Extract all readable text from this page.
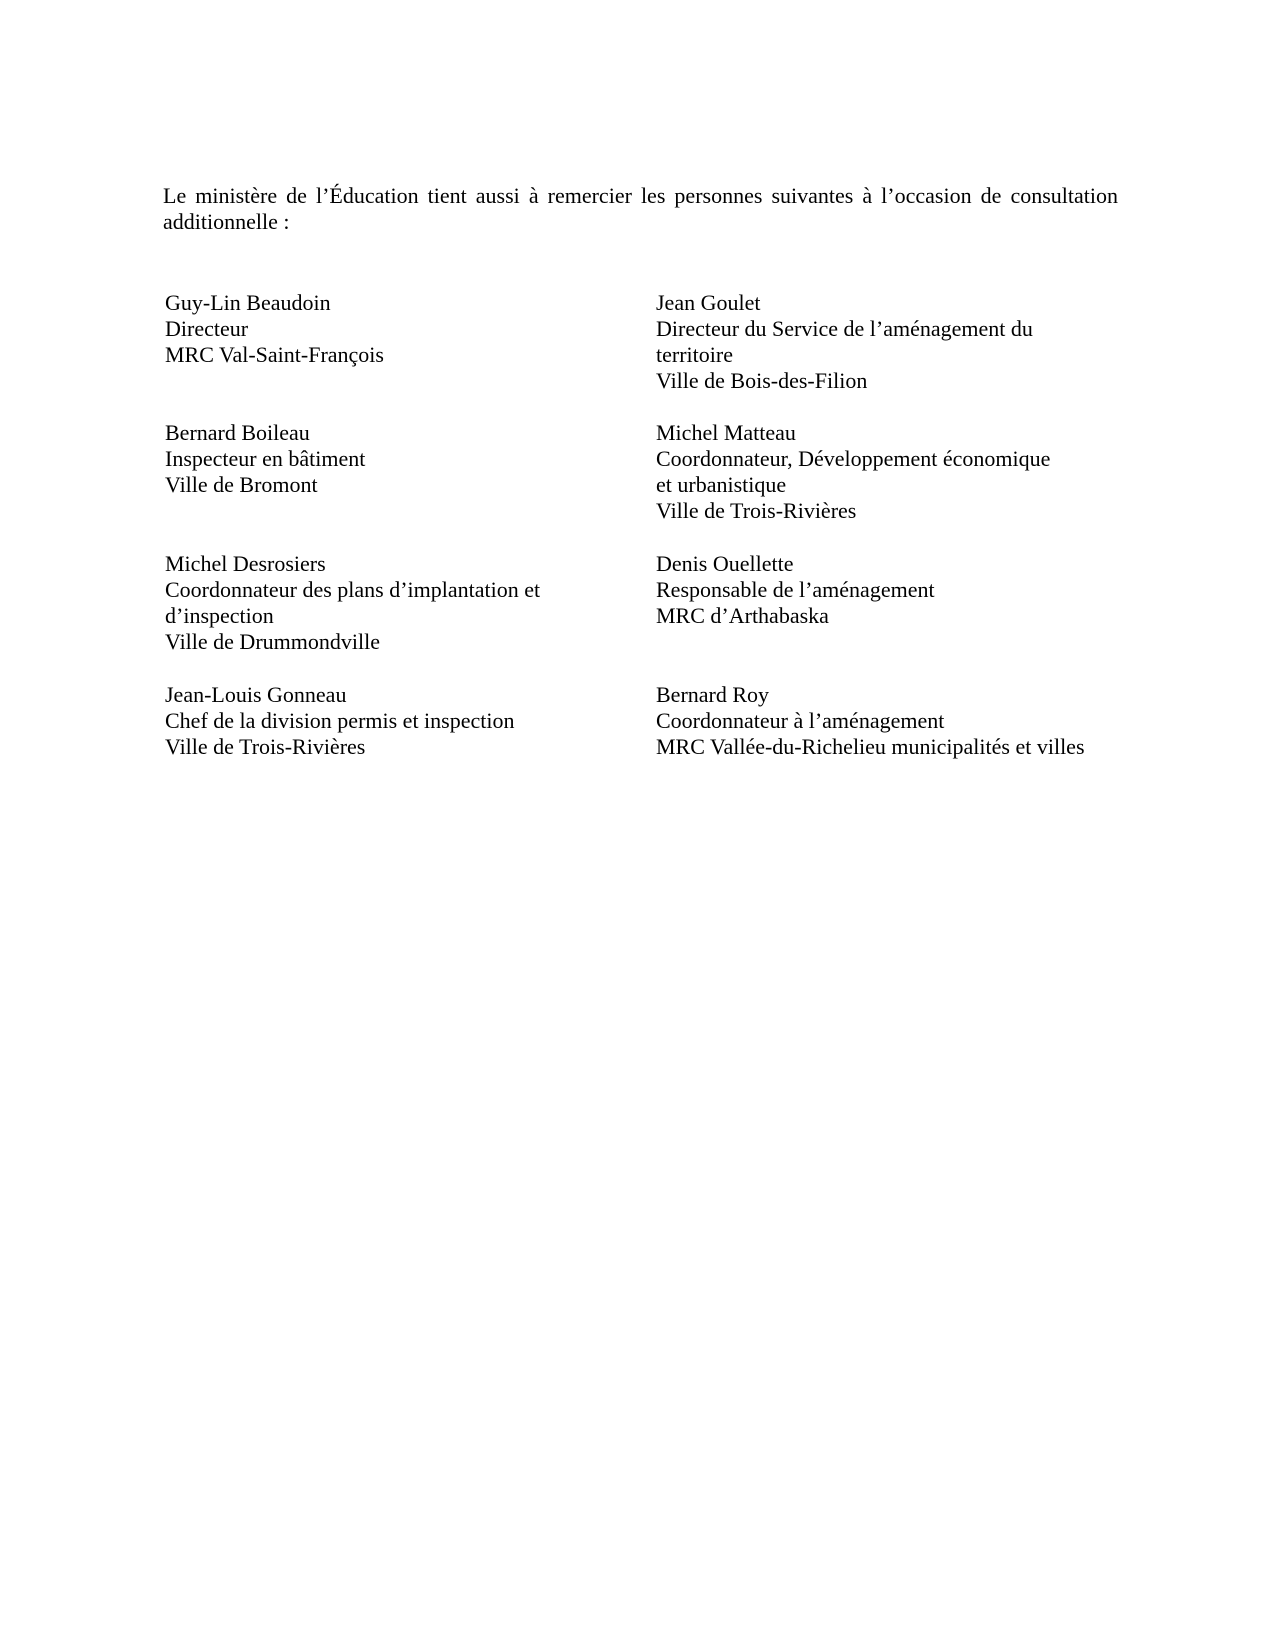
Le ministère de l’Éducation tient aussi à remercier les personnes suivantes à l’occasion de consultation additionnelle :

Guy-Lin Beaudoin
Directeur
MRC Val-Saint-François
Jean Goulet
Directeur du Service de l’aménagement du
territoire
Ville de Bois-des-Filion
Bernard Boileau
Inspecteur en bâtiment
Ville de Bromont
Michel Matteau
Coordonnateur, Développement économique
et urbanistique
Ville de Trois-Rivières
Michel Desrosiers
Coordonnateur des plans d’implantation et
d’inspection
Ville de Drummondville
Denis Ouellette
Responsable de l’aménagement
MRC d’Arthabaska
Jean-Louis Gonneau
Chef de la division permis et inspection
Ville de Trois-Rivières
Bernard Roy
Coordonnateur à l’aménagement
MRC Vallée-du-Richelieu municipalités et villes
